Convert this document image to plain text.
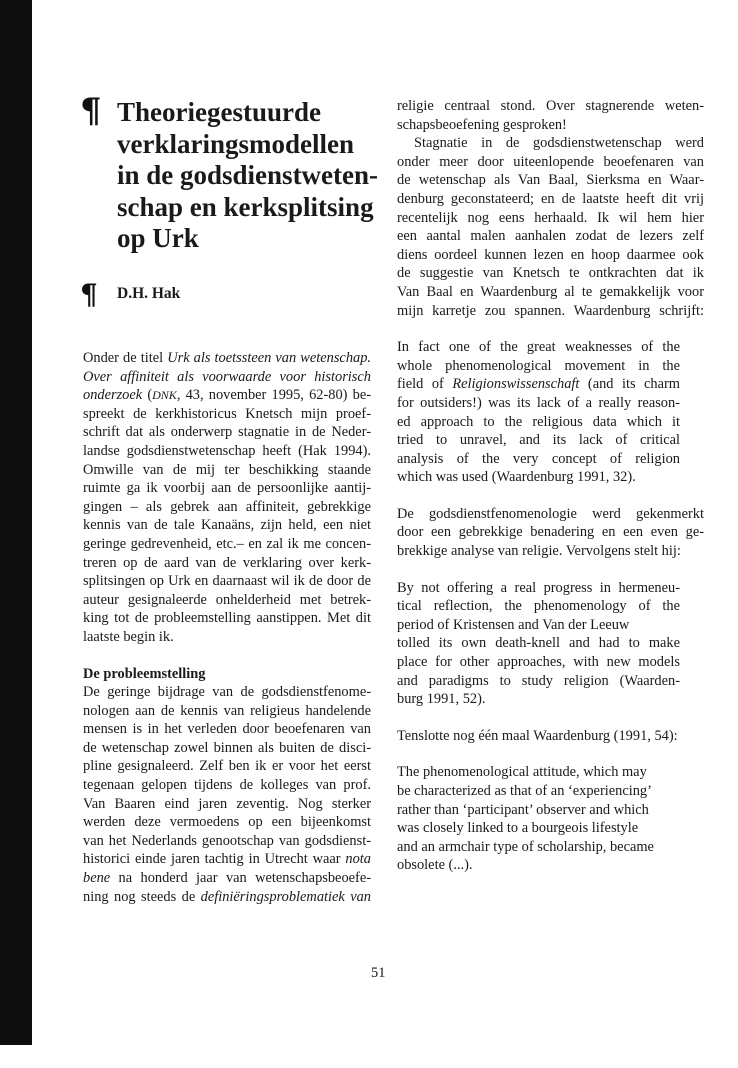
¶ Theoriegestuurde
verklaringsmodellen
in de godsdienstweten-
schap en kerksplitsing
op Urk
¶ D.H. Hak

Onder de titel Urk als toetssteen van wetenschap.
Over affiniteit als voorwaarde voor historisch
onderzoek (DNK, 43, november 1995, 62-80) be-
spreekt de kerkhistoricus Knetsch mijn proef-
schrift dat als onderwerp stagnatie in de Neder-
landse godsdienstwetenschap heeft (Hak 1994).
Omwille van de mij ter beschikking staande
ruimte ga ik voorbij aan de persoonlijke aantij-
gingen – als gebrek aan affiniteit, gebrekkige
kennis van de tale Kanaäns, zijn held, een niet
geringe gedrevenheid, etc.– en zal ik me concen-
treren op de aard van de verklaring over kerk-
splitsingen op Urk en daarnaast wil ik de door de
auteur gesignaleerde onhelderheid met betrek-
king tot de probleemstelling aanstippen. Met dit
laatste begin ik.

De probleemstelling

De geringe bijdrage van de godsdienstfenome-
nologen aan de kennis van religieus handelende
mensen is in het verleden door beoefenaren van
de wetenschap zowel binnen als buiten de disci-
pline gesignaleerd. Zelf ben ik er voor het eerst
tegenaan gelopen tijdens de kolleges van prof.
Van Baaren eind jaren zeventig. Nog sterker
werden deze vermoedens op een bijeenkomst
van het Nederlands genootschap van godsdienst-
historici einde jaren tachtig in Utrecht waar nota
bene na honderd jaar van wetenschapsbeoefe-
ning nog steeds de definiëringsproblematiek van

religie centraal stond. Over stagnerende weten-
schapsbeoefening gesproken!

Stagnatie in de godsdienstwetenschap werd
onder meer door uiteenlopende beoefenaren van
de wetenschap als Van Baal, Sierksma en Waar-
denburg geconstateerd; en de laatste heeft dit vrij
recentelijk nog eens herhaald. Ik wil hem hier
een aantal malen aanhalen zodat de lezers zelf
diens oordeel kunnen lezen en hoop daarmee ook
de suggestie van Knetsch te ontkrachten dat ik
Van Baal en Waardenburg al te gemakkelijk voor
mijn karretje zou spannen. Waardenburg schrijft:

In fact one of the great weaknesses of the
whole phenomenological movement in the
field of Religionswissenschaft (and its charm
for outsiders!) was its lack of a really reason-
ed approach to the religious data which it
tried to unravel, and its lack of critical
analysis of the very concept of religion
which was used (Waardenburg 1991, 32).

De godsdienstfenomenologie werd gekenmerkt
door een gebrekkige benadering en een even ge-
brekkige analyse van religie. Vervolgens stelt hij:

By not offering a real progress in hermeneu-
tical reflection, the phenomenology of the
period of Kristensen and Van der Leeuw
tolled its own death-knell and had to make
place for other approaches, with new models
and paradigms to study religion (Waarden-
burg 1991, 52).

Tenslotte nog één maal Waardenburg (1991, 54):

The phenomenological attitude, which may
be characterized as that of an ‘experiencing’
rather than ‘participant’ observer and which
was closely linked to a bourgeois lifestyle
and an armchair type of scholarship, became
obsolete (...).

51
